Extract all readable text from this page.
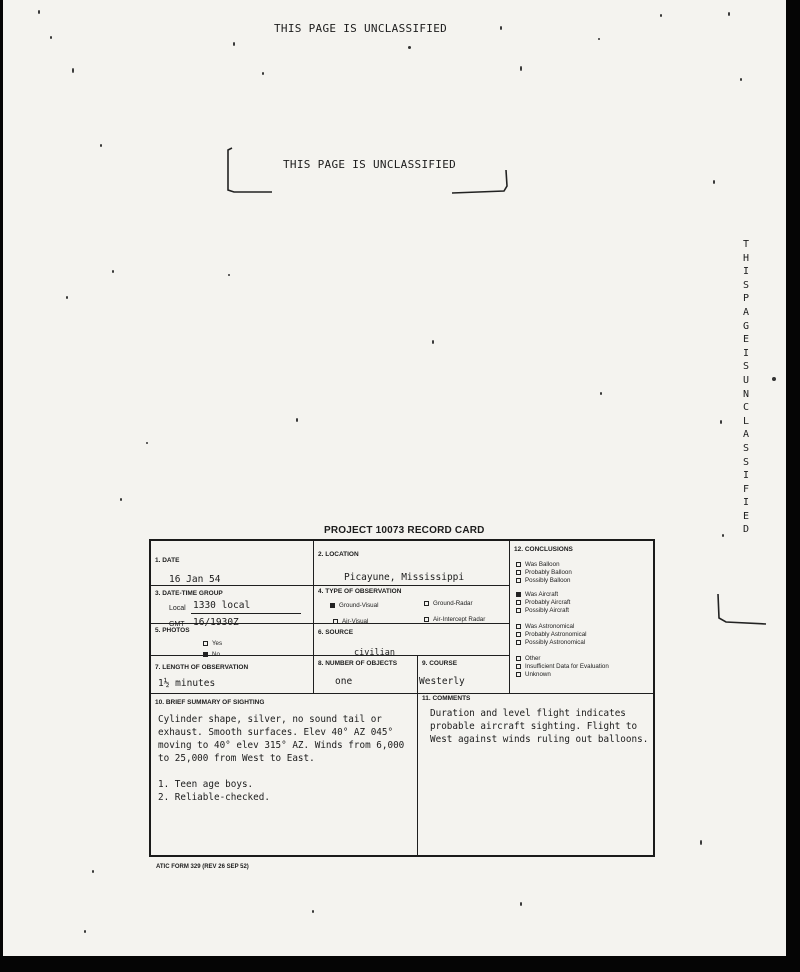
THIS PAGE IS UNCLASSIFIED
THIS PAGE IS UNCLASSIFIED
THIS PAGE IS UNCLASSIFIED
PROJECT 10073 RECORD CARD
1. DATE
16 Jan 54
2. LOCATION
Picayune, Mississippi
3. DATE-TIME GROUP
Local 1330 local
GMT 16/1930Z
4. TYPE OF OBSERVATION
Ground-Visual	Ground-Radar
Air-Visual	Air-Intercept Radar
5. PHOTOS
Yes
No
6. SOURCE
civilian
7. LENGTH OF OBSERVATION
1½ minutes
8. NUMBER OF OBJECTS
one
9. COURSE
Westerly
10. BRIEF SUMMARY OF SIGHTING
Cylinder shape, silver, no sound tail or
exhaust. Smooth surfaces. Elev 40° AZ 045°
moving to 40° elev 315° AZ. Winds from 6,000
to 25,000 from West to East.

1. Teen age boys.
2. Reliable-checked.
11. COMMENTS
Duration and level flight indicates
probable aircraft sighting. Flight to
West against winds ruling out balloons.
12. CONCLUSIONS
Was Balloon
Probably Balloon
Possibly Balloon
Was Aircraft
Probably Aircraft
Possibly Aircraft
Was Astronomical
Probably Astronomical
Possibly Astronomical
Other
Insufficient Data for Evaluation
Unknown
ATIC FORM 329 (REV 26 SEP 52)
